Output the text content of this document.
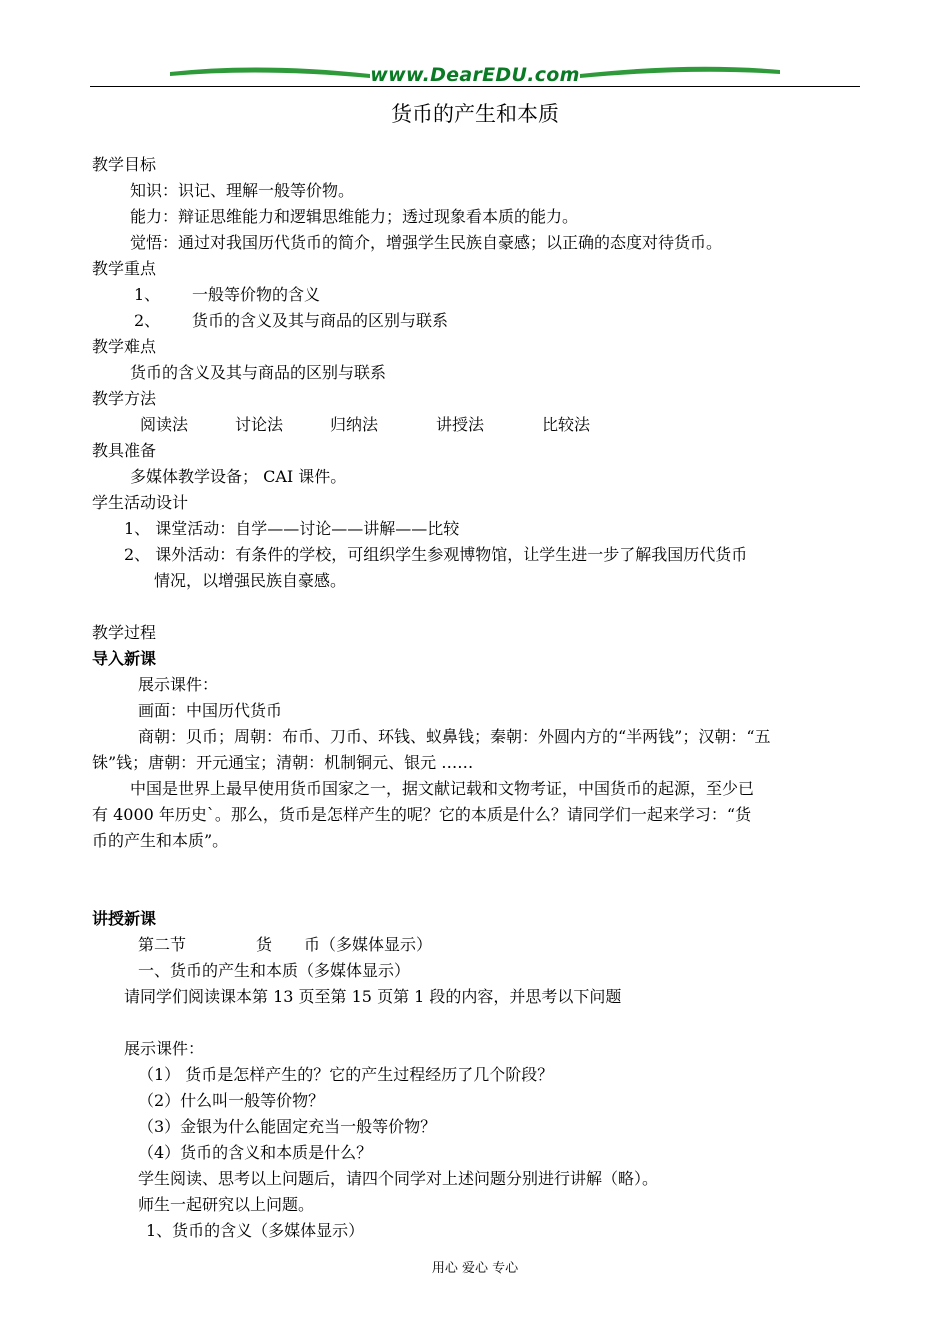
www.DearEDU.com
货币的产生和本质
教学目标
知识：识记、理解一般等价物。
能力：辩证思维能力和逻辑思维能力；透过现象看本质的能力。
觉悟：通过对我国历代货币的简介，增强学生民族自豪感；以正确的态度对待货币。
教学重点
1、 一般等价物的含义
2、 货币的含义及其与商品的区别与联系
教学难点
货币的含义及其与商品的区别与联系
教学方法
阅读法	讨论法	归纳法	讲授法	比较法
教具准备
多媒体教学设备； CAI 课件。
学生活动设计
1、 课堂活动：自学——讨论——讲解——比较
2、 课外活动：有条件的学校，可组织学生参观博物馆，让学生进一步了解我国历代货币
情况，以增强民族自豪感。
教学过程
导入新课
展示课件：
画面：中国历代货币
商朝：贝币；周朝：布币、刀币、环钱、蚁鼻钱；秦朝：外圆内方的“半两钱”；汉朝：“五
铢”钱；唐朝：开元通宝；清朝：机制铜元、银元 ……
中国是世界上最早使用货币国家之一，据文献记载和文物考证，中国货币的起源，至少已
有 4000 年历史`。那么，货币是怎样产生的呢？它的本质是什么？请同学们一起来学习：“货
币的产生和本质”。
讲授新课
第二节	货 币（多媒体显示）
一、货币的产生和本质（多媒体显示）
请同学们阅读课本第 13 页至第 15 页第 1 段的内容，并思考以下问题
展示课件：
（1） 货币是怎样产生的？它的产生过程经历了几个阶段？
（2）什么叫一般等价物？
（3）金银为什么能固定充当一般等价物？
（4）货币的含义和本质是什么？
学生阅读、思考以上问题后，请四个同学对上述问题分别进行讲解（略）。
师生一起研究以上问题。
1、货币的含义（多媒体显示）
用心 爱心 专心
